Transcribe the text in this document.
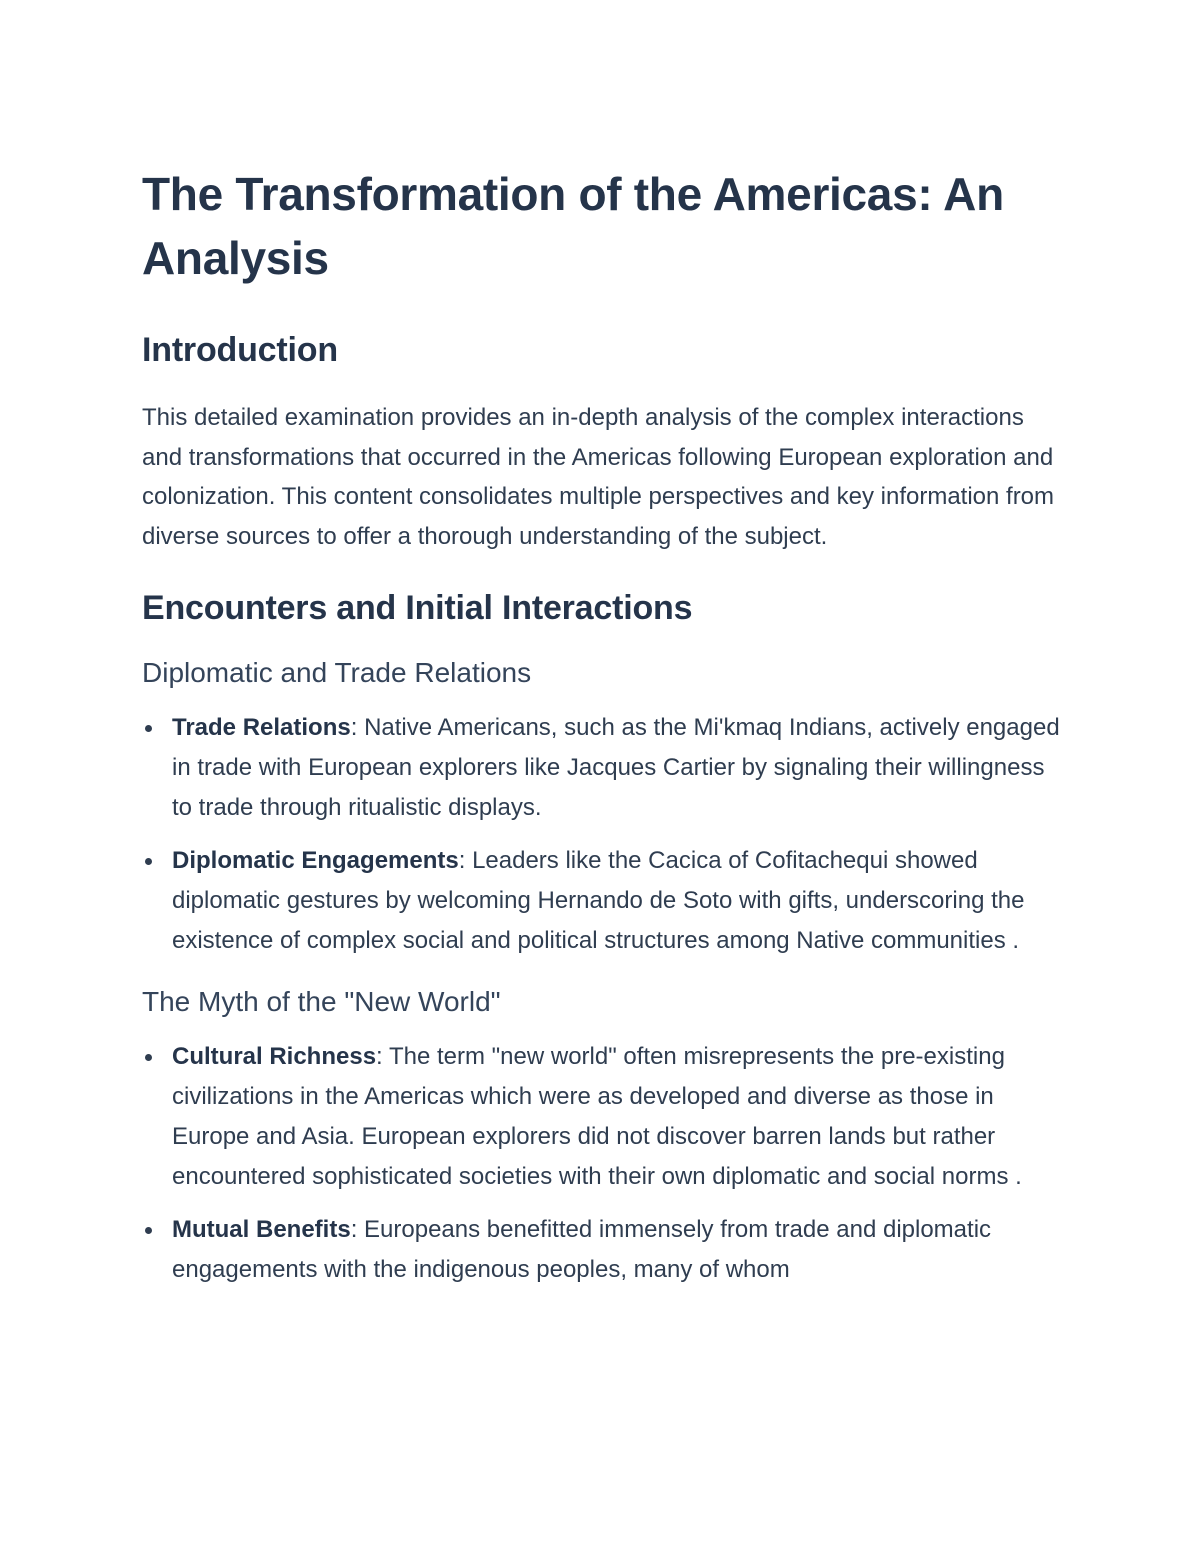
The Transformation of the Americas: An Analysis
Introduction

This detailed examination provides an in-depth analysis of the complex interactions and transformations that occurred in the Americas following European exploration and colonization. This content consolidates multiple perspectives and key information from diverse sources to offer a thorough understanding of the subject.

Encounters and Initial Interactions
Diplomatic and Trade Relations
Trade Relations: Native Americans, such as the Mi'kmaq Indians, actively engaged in trade with European explorers like Jacques Cartier by signaling their willingness to trade through ritualistic displays.
Diplomatic Engagements: Leaders like the Cacica of Cofitachequi showed diplomatic gestures by welcoming Hernando de Soto with gifts, underscoring the existence of complex social and political structures among Native communities .
The Myth of the "New World"
Cultural Richness: The term "new world" often misrepresents the pre-existing civilizations in the Americas which were as developed and diverse as those in Europe and Asia. European explorers did not discover barren lands but rather encountered sophisticated societies with their own diplomatic and social norms .
Mutual Benefits: Europeans benefitted immensely from trade and diplomatic engagements with the indigenous peoples, many of whom
